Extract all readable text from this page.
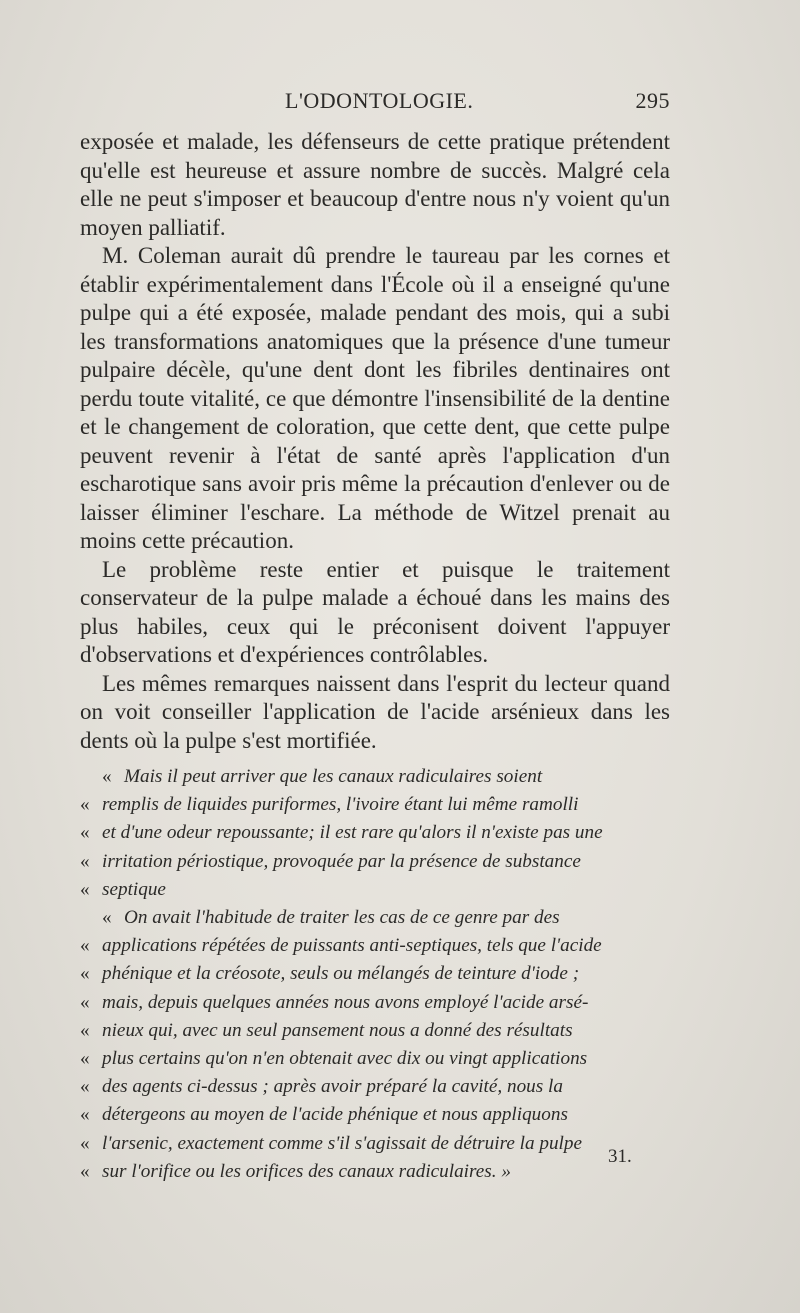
L'ODONTOLOGIE.	295

exposée et malade, les défenseurs de cette pratique prétendent qu'elle est heureuse et assure nombre de succès. Malgré cela elle ne peut s'imposer et beaucoup d'entre nous n'y voient qu'un moyen palliatif.

M. Coleman aurait dû prendre le taureau par les cornes et établir expérimentalement dans l'École où il a enseigné qu'une pulpe qui a été exposée, malade pendant des mois, qui a subi les transformations anatomiques que la présence d'une tumeur pulpaire décèle, qu'une dent dont les fibriles dentinaires ont perdu toute vitalité, ce que démontre l'insensibilité de la dentine et le changement de coloration, que cette dent, que cette pulpe peuvent revenir à l'état de santé après l'application d'un escharotique sans avoir pris même la précaution d'enlever ou de laisser éliminer l'eschare. La méthode de Witzel prenait au moins cette précaution.

Le problème reste entier et puisque le traitement conservateur de la pulpe malade a échoué dans les mains des plus habiles, ceux qui le préconisent doivent l'appuyer d'observations et d'expériences contrôlables.

Les mêmes remarques naissent dans l'esprit du lecteur quand on voit conseiller l'application de l'acide arsénieux dans les dents où la pulpe s'est mortifiée.

« Mais il peut arriver que les canaux radiculaires soient
« remplis de liquides puriformes, l'ivoire étant lui même ramolli
« et d'une odeur repoussante; il est rare qu'alors il n'existe pas une
« irritation périostique, provoquée par la présence de substance
« septique
« On avait l'habitude de traiter les cas de ce genre par des
« applications répétées de puissants anti-septiques, tels que l'acide
« phénique et la créosote, seuls ou mélangés de teinture d'iode ;
« mais, depuis quelques années nous avons employé l'acide arsé-
« nieux qui, avec un seul pansement nous a donné des résultats
« plus certains qu'on n'en obtenait avec dix ou vingt applications
« des agents ci-dessus ; après avoir préparé la cavité, nous la
« détergeons au moyen de l'acide phénique et nous appliquons
« l'arsenic, exactement comme s'il s'agissait de détruire la pulpe
« sur l'orifice ou les orifices des canaux radiculaires. »
31.
